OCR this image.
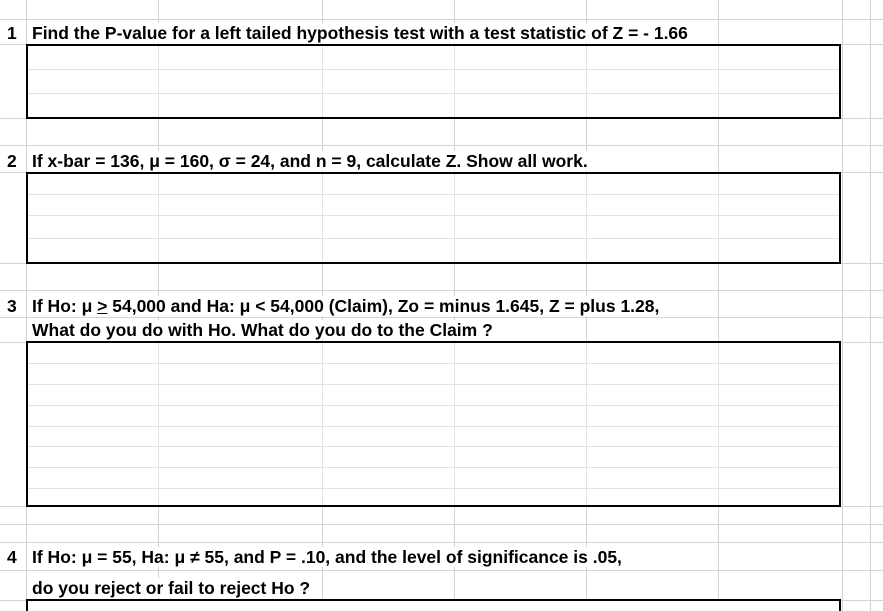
1 Find the P-value for a left tailed hypothesis test with a test statistic of Z = - 1.66
2 If x-bar = 136, μ = 160, σ = 24, and n = 9, calculate Z. Show all work.
3 If Ho: μ ≥ 54,000 and Ha: μ < 54,000 (Claim), Zo = minus 1.645, Z = plus 1.28,
What do you do with Ho. What do you do to the Claim ?
4 If Ho: μ = 55, Ha: μ ≠ 55, and P = .10, and the level of significance is .05,
do you reject or fail to reject Ho ?
